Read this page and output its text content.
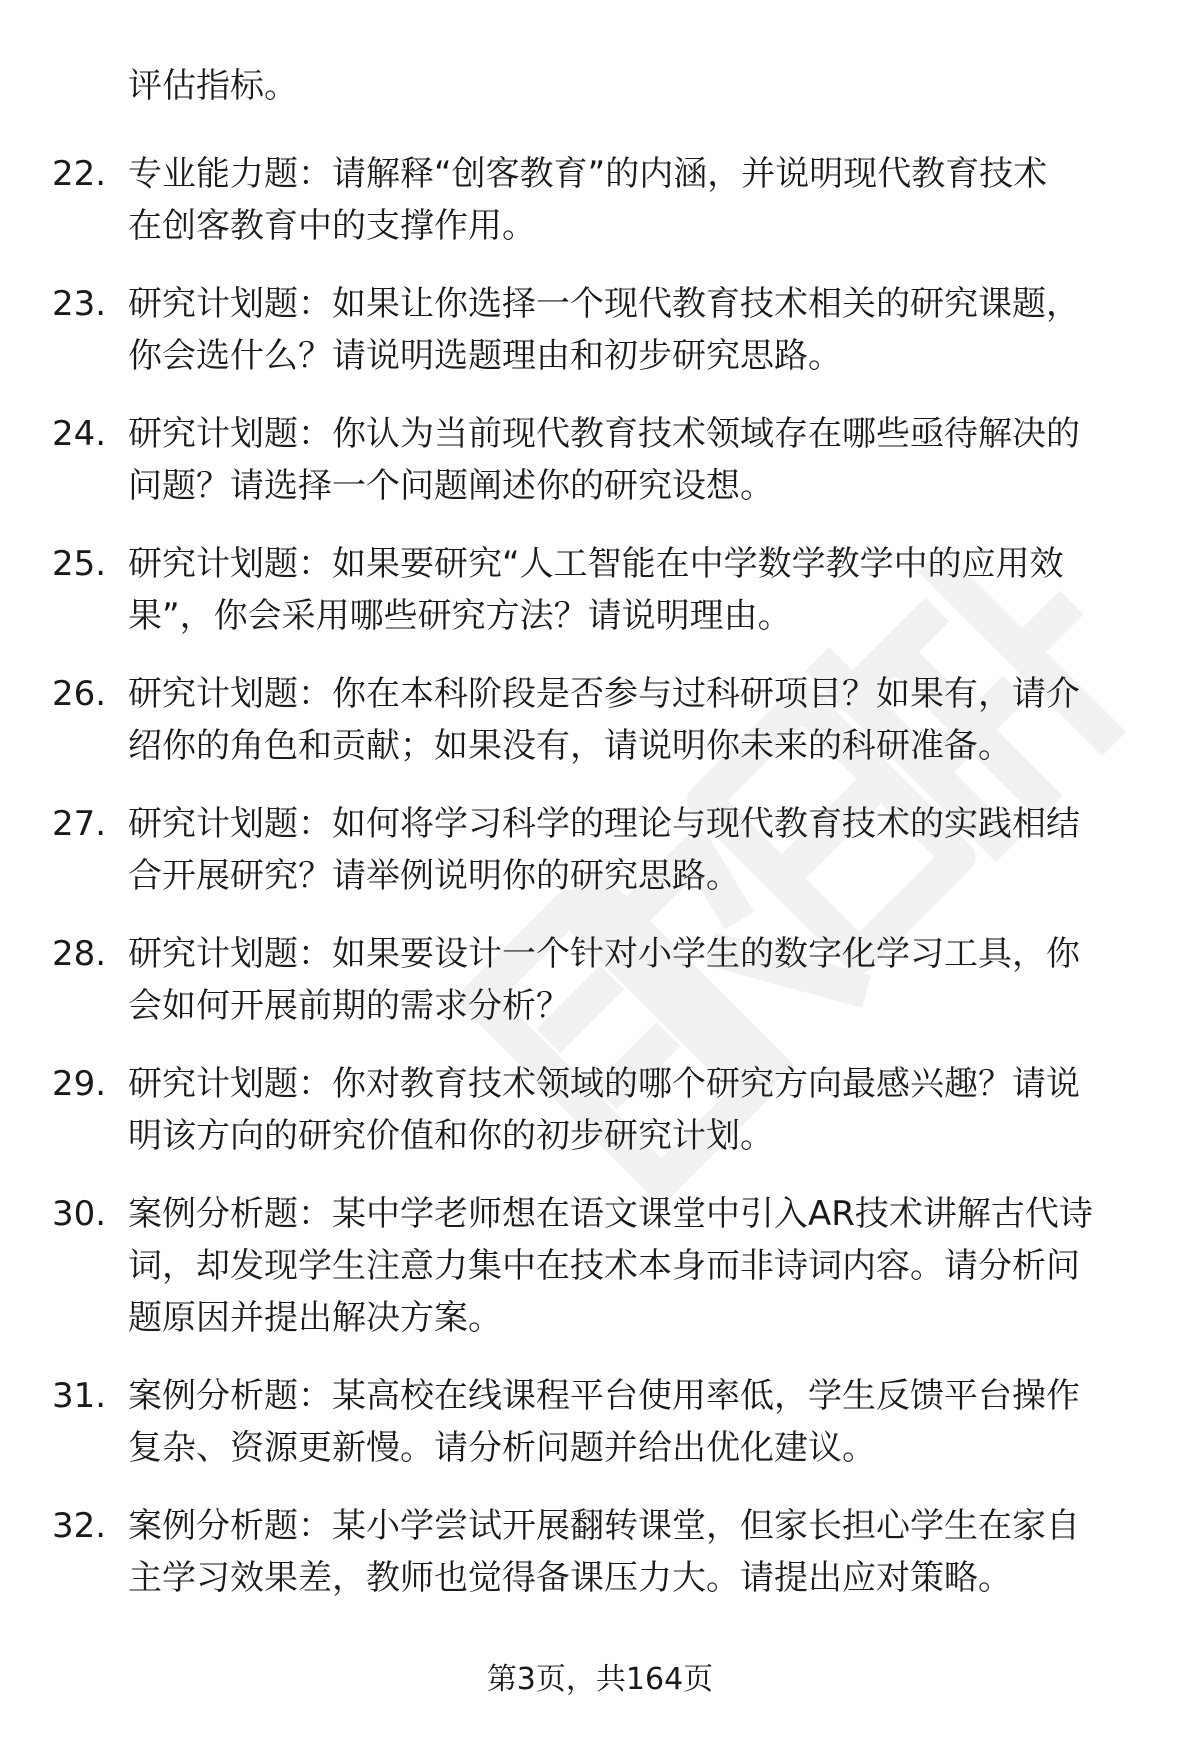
评估指标。

22. 专业能力题：请解释“创客教育”的内涵，并说明现代教育技术
在创客教育中的支撑作用。
23. 研究计划题：如果让你选择一个现代教育技术相关的研究课题，
你会选什么？请说明选题理由和初步研究思路。
24. 研究计划题：你认为当前现代教育技术领域存在哪些亟待解决的
问题？请选择一个问题阐述你的研究设想。
25. 研究计划题：如果要研究“人工智能在中学数学教学中的应用效
果”，你会采用哪些研究方法？请说明理由。
26. 研究计划题：你在本科阶段是否参与过科研项目？如果有，请介
绍你的角色和贡献；如果没有，请说明你未来的科研准备。
27. 研究计划题：如何将学习科学的理论与现代教育技术的实践相结
合开展研究？请举例说明你的研究思路。
28. 研究计划题：如果要设计一个针对小学生的数字化学习工具，你
会如何开展前期的需求分析？
29. 研究计划题：你对教育技术领域的哪个研究方向最感兴趣？请说
明该方向的研究价值和你的初步研究计划。
30. 案例分析题：某中学老师想在语文课堂中引入AR技术讲解古代诗
词，却发现学生注意力集中在技术本身而非诗词内容。请分析问
题原因并提出解决方案。
31. 案例分析题：某高校在线课程平台使用率低，学生反馈平台操作
复杂、资源更新慢。请分析问题并给出优化建议。
32. 案例分析题：某小学尝试开展翻转课堂，但家长担心学生在家自
主学习效果差，教师也觉得备课压力大。请提出应对策略。
第3页，共164页
